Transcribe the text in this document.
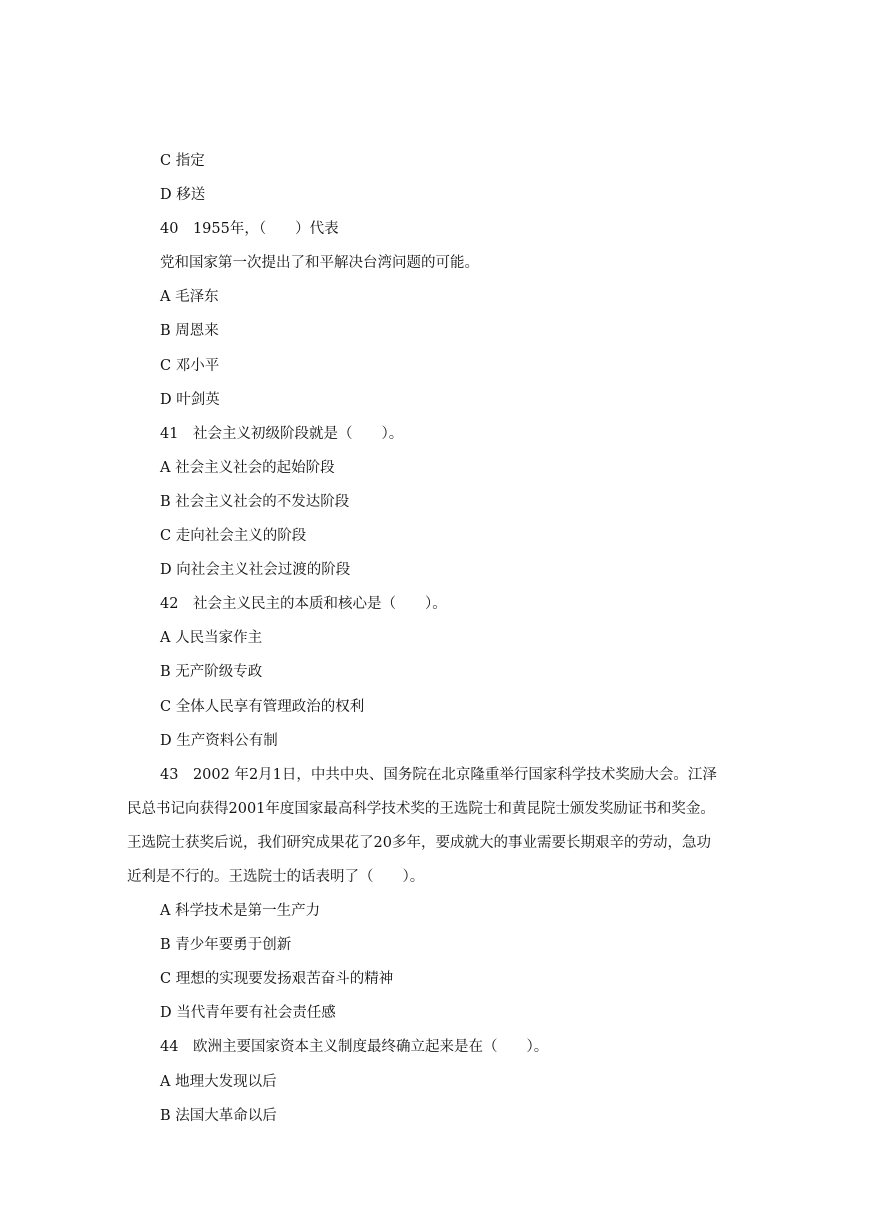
C 指定
D 移送
40　1955年，（　　）代表
党和国家第一次提出了和平解决台湾问题的可能。
A 毛泽东
B 周恩来
C 邓小平
D 叶剑英
41　社会主义初级阶段就是（　　）。
A 社会主义社会的起始阶段
B 社会主义社会的不发达阶段
C 走向社会主义的阶段
D 向社会主义社会过渡的阶段
42　社会主义民主的本质和核心是（　　）。
A 人民当家作主
B 无产阶级专政
C 全体人民享有管理政治的权利
D 生产资料公有制
43　2002 年2月1日，中共中央、国务院在北京隆重举行国家科学技术奖励大会。江泽
民总书记向获得2001年度国家最高科学技术奖的王选院士和黄昆院士颁发奖励证书和奖金。
王选院士获奖后说，我们研究成果花了20多年，要成就大的事业需要长期艰辛的劳动，急功
近利是不行的。王选院士的话表明了（　　）。
A 科学技术是第一生产力
B 青少年要勇于创新
C 理想的实现要发扬艰苦奋斗的精神
D 当代青年要有社会责任感
44　欧洲主要国家资本主义制度最终确立起来是在（　　）。
A 地理大发现以后
B 法国大革命以后
